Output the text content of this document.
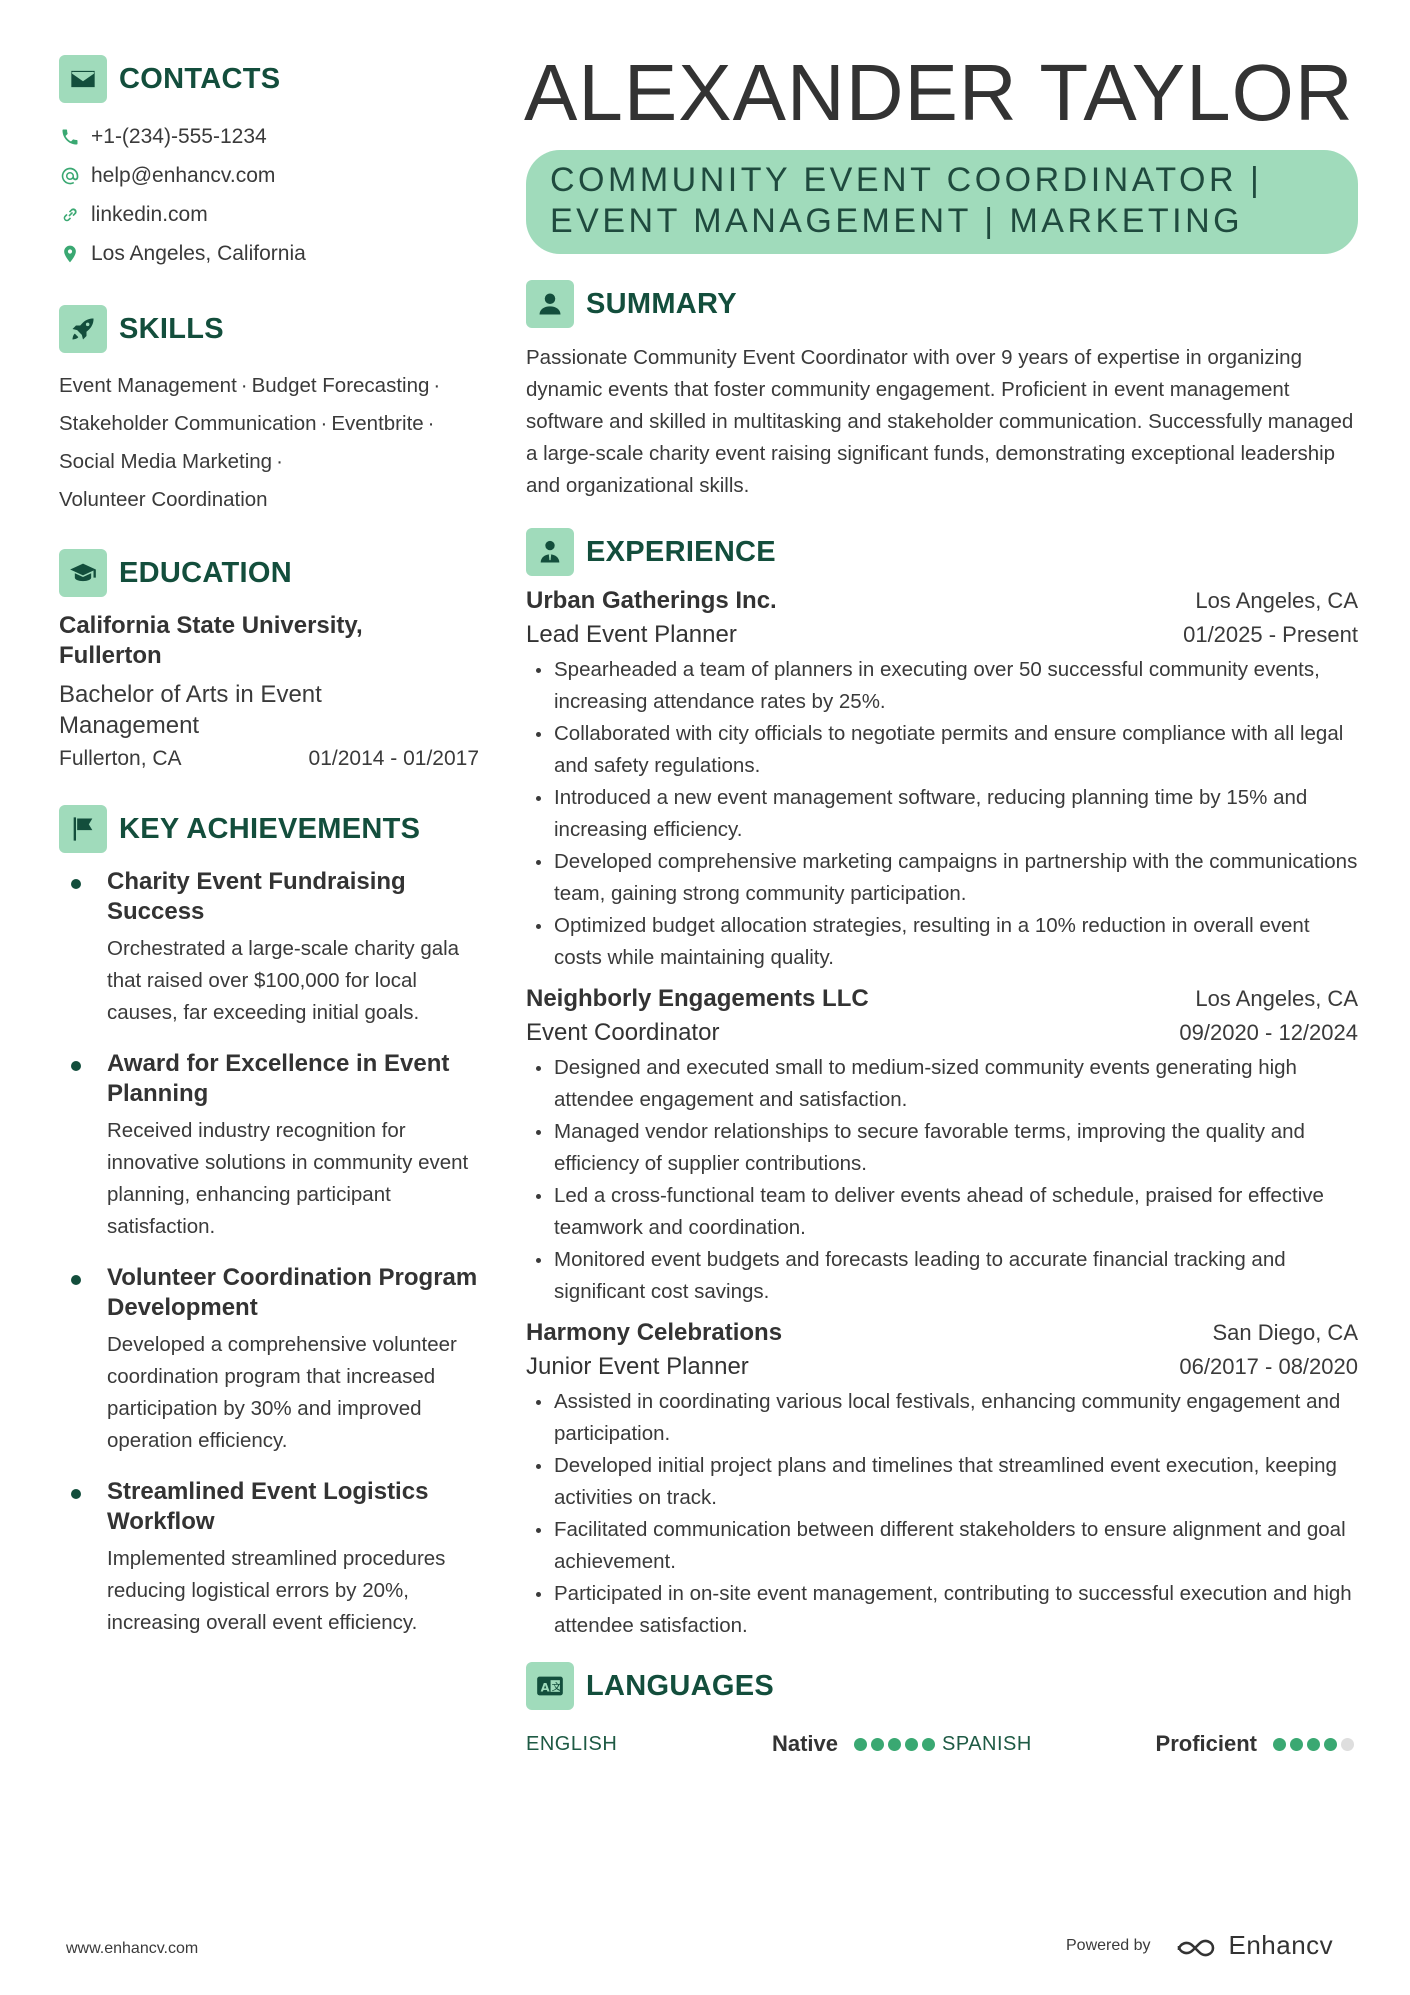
CONTACTS
+1-(234)-555-1234
help@enhancv.com
linkedin.com
Los Angeles, California
SKILLS
Event Management · Budget Forecasting ·
Stakeholder Communication · Eventbrite ·
Social Media Marketing ·
Volunteer Coordination
EDUCATION
California State University, Fullerton
Bachelor of Arts in Event Management
Fullerton, CA	01/2014 - 01/2017
KEY ACHIEVEMENTS
Charity Event Fundraising Success
Orchestrated a large-scale charity gala that raised over $100,000 for local causes, far exceeding initial goals.
Award for Excellence in Event Planning
Received industry recognition for innovative solutions in community event planning, enhancing participant satisfaction.
Volunteer Coordination Program Development
Developed a comprehensive volunteer coordination program that increased participation by 30% and improved operation efficiency.
Streamlined Event Logistics Workflow
Implemented streamlined procedures reducing logistical errors by 20%, increasing overall event efficiency.
ALEXANDER TAYLOR
COMMUNITY EVENT COORDINATOR |
EVENT MANAGEMENT | MARKETING
SUMMARY
Passionate Community Event Coordinator with over 9 years of expertise in organizing dynamic events that foster community engagement. Proficient in event management software and skilled in multitasking and stakeholder communication. Successfully managed a large-scale charity event raising significant funds, demonstrating exceptional leadership and organizational skills.
EXPERIENCE
Urban Gatherings Inc.	Los Angeles, CA
Lead Event Planner	01/2025 - Present
Spearheaded a team of planners in executing over 50 successful community events, increasing attendance rates by 25%.
Collaborated with city officials to negotiate permits and ensure compliance with all legal and safety regulations.
Introduced a new event management software, reducing planning time by 15% and increasing efficiency.
Developed comprehensive marketing campaigns in partnership with the communications team, gaining strong community participation.
Optimized budget allocation strategies, resulting in a 10% reduction in overall event costs while maintaining quality.
Neighborly Engagements LLC	Los Angeles, CA
Event Coordinator	09/2020 - 12/2024
Designed and executed small to medium-sized community events generating high attendee engagement and satisfaction.
Managed vendor relationships to secure favorable terms, improving the quality and efficiency of supplier contributions.
Led a cross-functional team to deliver events ahead of schedule, praised for effective teamwork and coordination.
Monitored event budgets and forecasts leading to accurate financial tracking and significant cost savings.
Harmony Celebrations	San Diego, CA
Junior Event Planner	06/2017 - 08/2020
Assisted in coordinating various local festivals, enhancing community engagement and participation.
Developed initial project plans and timelines that streamlined event execution, keeping activities on track.
Facilitated communication between different stakeholders to ensure alignment and goal achievement.
Participated in on-site event management, contributing to successful execution and high attendee satisfaction.
A 文 LANGUAGES
ENGLISH	Native	SPANISH	Proficient
www.enhancv.com	Powered by	Enhancv
